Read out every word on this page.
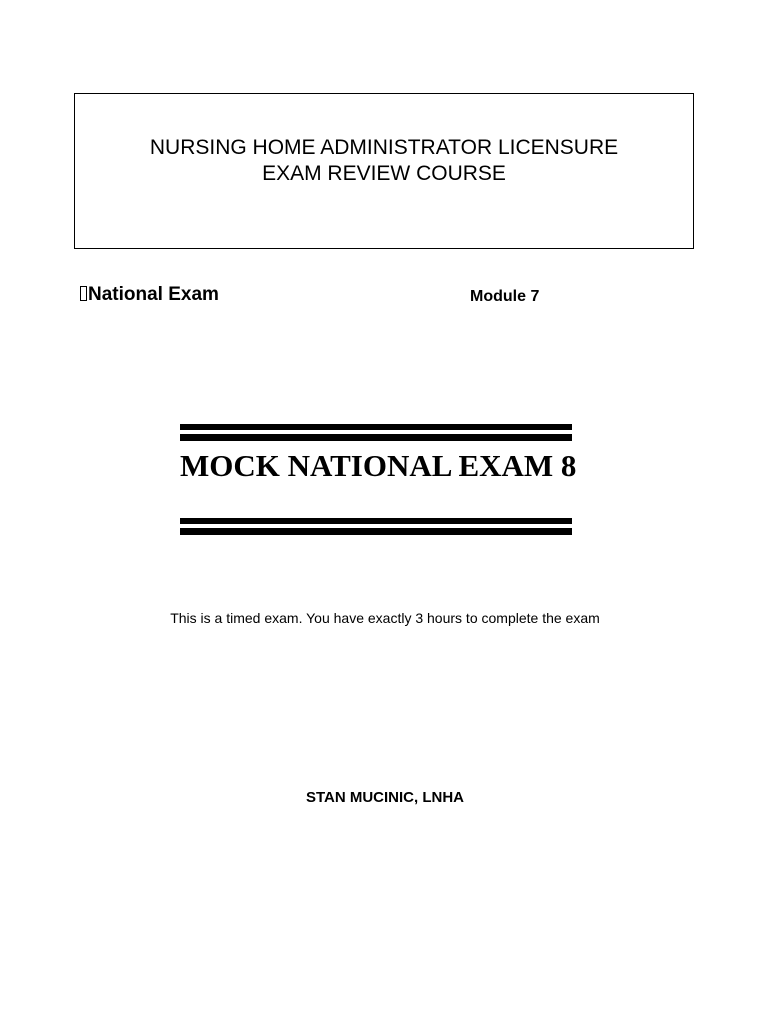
NURSING HOME ADMINISTRATOR LICENSURE
EXAM REVIEW COURSE
National Exam	Module 7
MOCK NATIONAL EXAM 8
This is a timed exam. You have exactly 3 hours to complete the exam
STAN MUCINIC, LNHA
